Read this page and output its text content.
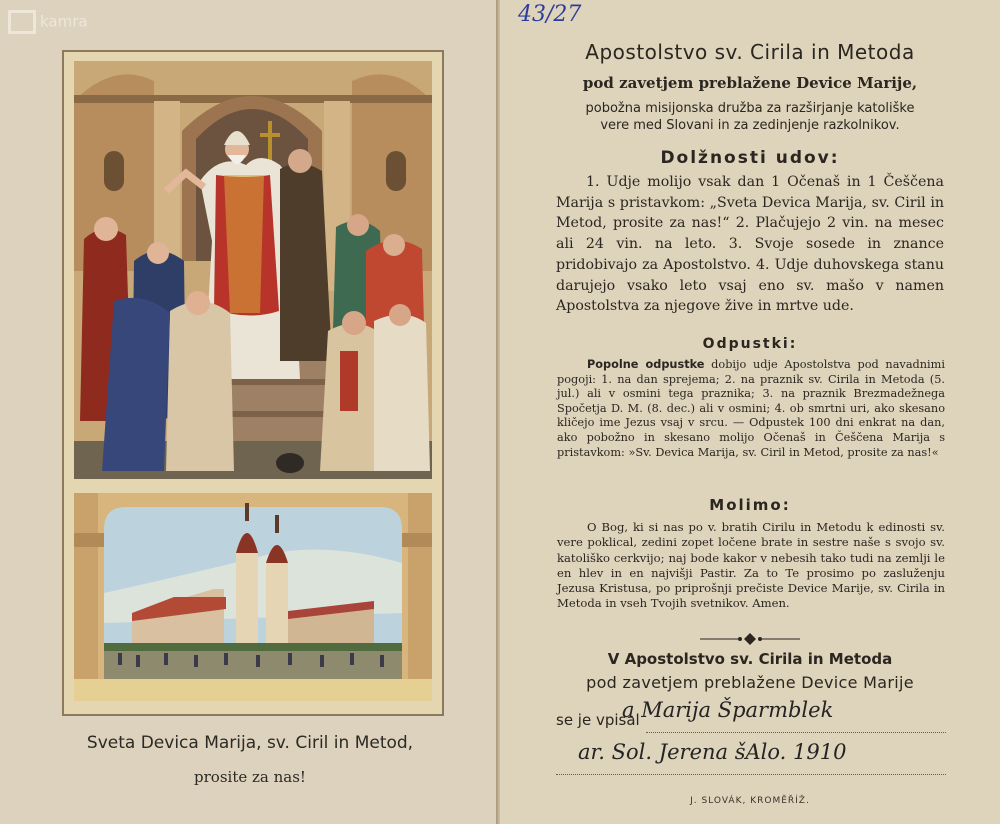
kamra
Sveta Devica Marija, sv. Ciril in Metod,
prosite za nas!
43/27
Apostolstvo sv. Cirila in Metoda
pod zavetjem preblažene Device Marije,
pobožna misijonska družba za razširjanje katoliške
vere med Slovani in za zedinjenje razkolnikov.
Dolžnosti udov:
1. Udje molijo vsak dan 1 Očenaš in 1 Češčena Marija s pristavkom: „Sveta Devica Marija, sv. Ciril in Metod, prosite za nas!“ 2. Plačujejo 2 vin. na mesec ali 24 vin. na leto. 3. Svoje sosede in znance pridobivajo za Apostolstvo. 4. Udje duhovskega stanu darujejo vsako leto vsaj eno sv. mašo v namen Apostolstva za njegove žive in mrtve ude.
Odpustki:
Popolne odpustke dobijo udje Apostolstva pod navadnimi pogoji: 1. na dan sprejema; 2. na praznik sv. Cirila in Metoda (5. jul.) ali v osmini tega praznika; 3. na praznik Brezmadežnega Spočetja D. M. (8. dec.) ali v osmini; 4. ob smrtni uri, ako skesano kličejo ime Jezus vsaj v srcu. — Odpustek 100 dni enkrat na dan, ako pobožno in skesano molijo Očenaš in Češčena Marija s pristavkom: »Sv. Devica Marija, sv. Ciril in Metod, prosite za nas!«
Molimo:
O Bog, ki si nas po v. bratih Cirilu in Metodu k edinosti sv. vere poklical, zedini zopet ločene brate in sestre naše s svojo sv. katoliško cerkvijo; naj bode kakor v nebesih tako tudi na zemlji le en hlev in en najvišji Pastir. Za to Te prosimo po zasluženju Jezusa Kristusa, po priprošnji prečiste Device Marije, sv. Cirila in Metoda in vseh Tvojih svetnikov. Amen.
V Apostolstvo sv. Cirila in Metoda
pod zavetjem preblažene Device Marije
se je vpisal
a Marija Šparmblek
ar. Sol. Jerena šAlo. 1910
J. SLOVÁK, KROMĚŘÍŽ.
